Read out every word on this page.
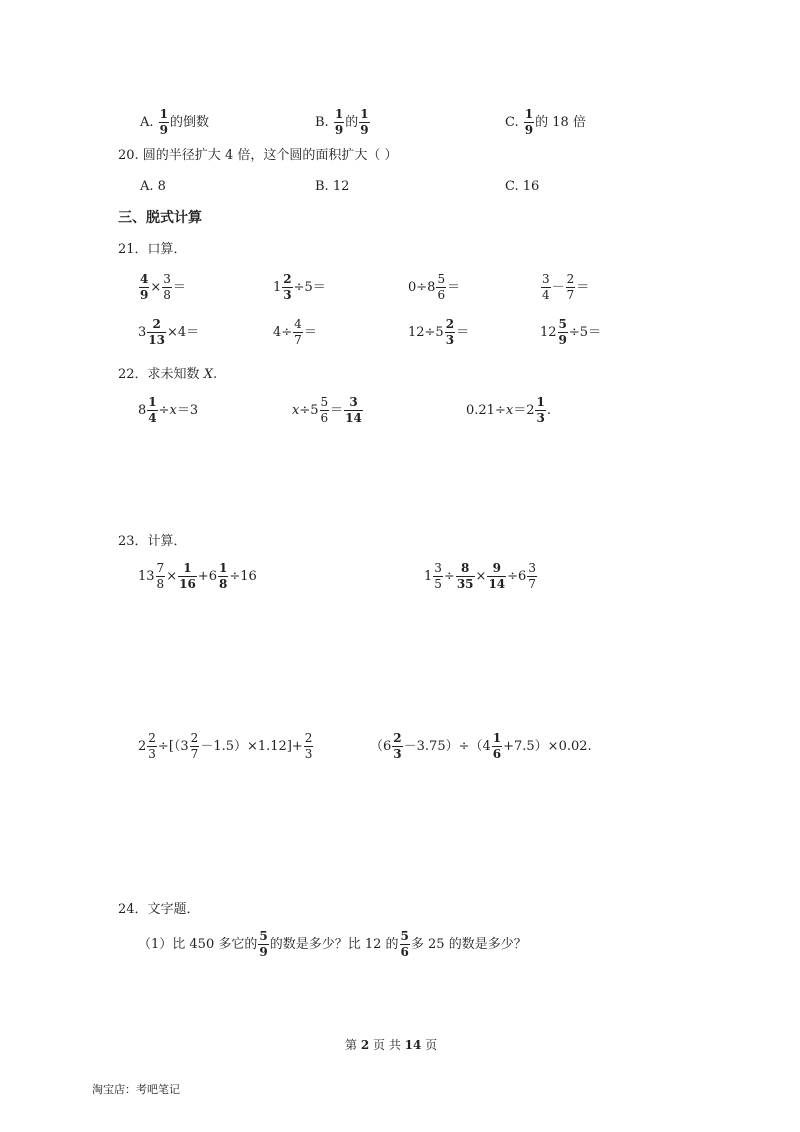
A.
$\frac{1}{9}$ 的倒数	B.
$\frac{1}{9}$ 的 $\frac{1}{9}$	C.
$\frac{1}{9}$ 的 18 倍
20. 圆的半径扩大 4 倍，这个圆的面积扩大（ ）
A. 8	B. 12	C. 16
三、脱式计算
21．口算．
$\frac{4}{9} \times \frac{3}{8}$ ＝	$1 \frac{2}{3} \div 5=$	$0\div 8 \frac{5}{6}$ ＝	$\frac{3}{4} - \frac{2}{7}$ ＝
$3 \frac{2}{13} \times 4=$	$4\div \frac{4}{7}$ ＝	$12\div 5 \frac{2}{3}$ ＝	$12 \frac{5}{9} \div 5=$
22．求未知数 X.
$8 \frac{1}{4} \div x =3$	$x \div 5 \frac{5}{6} = \frac{3}{14}$	$0.21\div x =2 \frac{1}{3}$ .
23．计算．
$13 \frac{7}{8} \times \frac{1}{16} +6 \frac{1}{8} \div 16$	$1 \frac{3}{5} \div \frac{8}{35} \times \frac{9}{14} \div 6 \frac{3}{7}$
$2 \frac{2}{3} \div[(3 \frac{2}{7} -1.5)\times 1.12]+ \frac{2}{3}$	$(6 \frac{2}{3} -3.75)\div(4 \frac{1}{6} +7.5)\times 0.02$.
24．文字题．
（1）比 450 多它的 $\frac{5}{9}$ 的数是多少？比 12 的 $\frac{5}{6}$ 多 25 的数是多少？
第 2 页 共 14 页
淘宝店：考吧笔记
